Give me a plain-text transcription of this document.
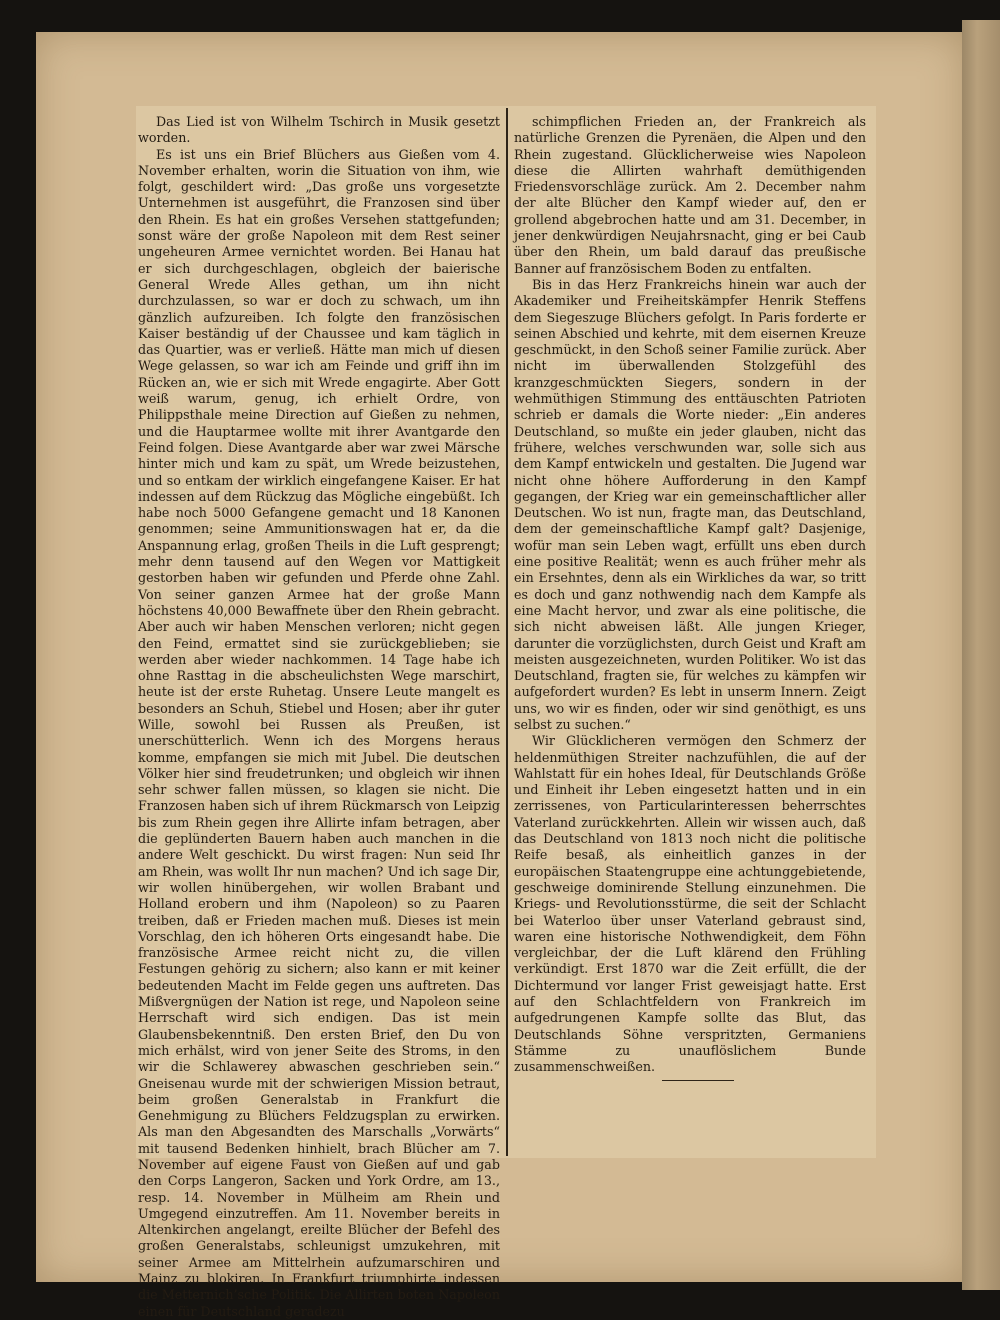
Das Lied ist von Wilhelm Tschirch in Musik gesetzt worden.

Es ist uns ein Brief Blüchers aus Gießen vom 4. November erhalten, worin die Situation von ihm, wie folgt, geschildert wird: „Das große uns vorgesetzte Unternehmen ist ausgeführt, die Franzosen sind über den Rhein. Es hat ein großes Versehen stattgefunden; sonst wäre der große Napoleon mit dem Rest seiner ungeheuren Armee vernichtet worden. Bei Hanau hat er sich durchgeschlagen, obgleich der baierische General Wrede Alles gethan, um ihn nicht durchzulassen, so war er doch zu schwach, um ihn gänzlich aufzureiben. Ich folgte den französischen Kaiser beständig uf der Chaussee und kam täglich in das Quartier, was er verließ. Hätte man mich uf diesen Wege gelassen, so war ich am Feinde und griff ihn im Rücken an, wie er sich mit Wrede engagirte. Aber Gott weiß warum, genug, ich erhielt Ordre, von Philippsthale meine Direction auf Gießen zu nehmen, und die Hauptarmee wollte mit ihrer Avantgarde den Feind folgen. Diese Avantgarde aber war zwei Märsche hinter mich und kam zu spät, um Wrede beizustehen, und so entkam der wirklich eingefangene Kaiser. Er hat indessen auf dem Rückzug das Mögliche eingebüßt. Ich habe noch 5000 Gefangene gemacht und 18 Kanonen genommen; seine Ammunitionswagen hat er, da die Anspannung erlag, großen Theils in die Luft gesprengt; mehr denn tausend auf den Wegen vor Mattigkeit gestorben haben wir gefunden und Pferde ohne Zahl. Von seiner ganzen Armee hat der große Mann höchstens 40,000 Bewaffnete über den Rhein gebracht. Aber auch wir haben Menschen verloren; nicht gegen den Feind, ermattet sind sie zurückgeblieben; sie werden aber wieder nachkommen. 14 Tage habe ich ohne Rasttag in die abscheulichsten Wege marschirt, heute ist der erste Ruhetag. Unsere Leute mangelt es besonders an Schuh, Stiebel und Hosen; aber ihr guter Wille, sowohl bei Russen als Preußen, ist unerschütterlich. Wenn ich des Morgens heraus komme, empfangen sie mich mit Jubel. Die deutschen Völker hier sind freudetrunken; und obgleich wir ihnen sehr schwer fallen müssen, so klagen sie nicht. Die Franzosen haben sich uf ihrem Rückmarsch von Leipzig bis zum Rhein gegen ihre Allirte infam betragen, aber die geplünderten Bauern haben auch manchen in die andere Welt geschickt. Du wirst fragen: Nun seid Ihr am Rhein, was wollt Ihr nun machen? Und ich sage Dir, wir wollen hinübergehen, wir wollen Brabant und Holland erobern und ihm (Napoleon) so zu Paaren treiben, daß er Frieden machen muß. Dieses ist mein Vorschlag, den ich höheren Orts eingesandt habe. Die französische Armee reicht nicht zu, die villen Festungen gehörig zu sichern; also kann er mit keiner bedeutenden Macht im Felde gegen uns auftreten. Das Mißvergnügen der Nation ist rege, und Napoleon seine Herrschaft wird sich endigen. Das ist mein Glaubensbekenntniß. Den ersten Brief, den Du von mich erhälst, wird von jener Seite des Stroms, in den wir die Schlawerey abwaschen geschrieben sein.“ Gneisenau wurde mit der schwierigen Mission betraut, beim großen Generalstab in Frankfurt die Genehmigung zu Blüchers Feldzugsplan zu erwirken. Als man den Abgesandten des Marschalls „Vorwärts“ mit tausend Bedenken hinhielt, brach Blücher am 7. November auf eigene Faust von Gießen auf und gab den Corps Langeron, Sacken und York Ordre, am 13., resp. 14. November in Mülheim am Rhein und Umgegend einzutreffen. Am 11. November bereits in Altenkirchen angelangt, ereilte Blücher der Befehl des großen Generalstabs, schleunigst umzukehren, mit seiner Armee am Mittelrhein aufzumarschiren und Mainz zu blokiren. In Frankfurt triumphirte indessen die Metternich’sche Politik. Die Allirten boten Napoleon einen für Deutschland geradezu

schimpflichen Frieden an, der Frankreich als natürliche Grenzen die Pyrenäen, die Alpen und den Rhein zugestand. Glücklicherweise wies Napoleon diese die Allirten wahrhaft demüthigenden Friedensvorschläge zurück. Am 2. December nahm der alte Blücher den Kampf wieder auf, den er grollend abgebrochen hatte und am 31. December, in jener denkwürdigen Neujahrsnacht, ging er bei Caub über den Rhein, um bald darauf das preußische Banner auf französischem Boden zu entfalten.

Bis in das Herz Frankreichs hinein war auch der Akademiker und Freiheitskämpfer Henrik Steffens dem Siegeszuge Blüchers gefolgt. In Paris forderte er seinen Abschied und kehrte, mit dem eisernen Kreuze geschmückt, in den Schoß seiner Familie zurück. Aber nicht im überwallenden Stolzgefühl des kranzgeschmückten Siegers, sondern in der wehmüthigen Stimmung des enttäuschten Patrioten schrieb er damals die Worte nieder: „Ein anderes Deutschland, so mußte ein jeder glauben, nicht das frühere, welches verschwunden war, solle sich aus dem Kampf entwickeln und gestalten. Die Jugend war nicht ohne höhere Aufforderung in den Kampf gegangen, der Krieg war ein gemeinschaftlicher aller Deutschen. Wo ist nun, fragte man, das Deutschland, dem der gemeinschaftliche Kampf galt? Dasjenige, wofür man sein Leben wagt, erfüllt uns eben durch eine positive Realität; wenn es auch früher mehr als ein Ersehntes, denn als ein Wirkliches da war, so tritt es doch und ganz nothwendig nach dem Kampfe als eine Macht hervor, und zwar als eine politische, die sich nicht abweisen läßt. Alle jungen Krieger, darunter die vorzüglichsten, durch Geist und Kraft am meisten ausgezeichneten, wurden Politiker. Wo ist das Deutschland, fragten sie, für welches zu kämpfen wir aufgefordert wurden? Es lebt in unserm Innern. Zeigt uns, wo wir es finden, oder wir sind genöthigt, es uns selbst zu suchen.“

Wir Glücklicheren vermögen den Schmerz der heldenmüthigen Streiter nachzufühlen, die auf der Wahlstatt für ein hohes Ideal, für Deutschlands Größe und Einheit ihr Leben eingesetzt hatten und in ein zerrissenes, von Particularinteressen beherrschtes Vaterland zurückkehrten. Allein wir wissen auch, daß das Deutschland von 1813 noch nicht die politische Reife besaß, als einheitlich ganzes in der europäischen Staatengruppe eine achtunggebietende, geschweige dominirende Stellung einzunehmen. Die Kriegs- und Revolutionsstürme, die seit der Schlacht bei Waterloo über unser Vaterland gebraust sind, waren eine historische Nothwendigkeit, dem Föhn vergleichbar, der die Luft klärend den Frühling verkündigt. Erst 1870 war die Zeit erfüllt, die der Dichtermund vor langer Frist geweisjagt hatte. Erst auf den Schlachtfeldern von Frankreich im aufgedrungenen Kampfe sollte das Blut, das Deutschlands Söhne verspritzten, Germaniens Stämme zu unauflöslichem Bunde zusammenschweißen.
